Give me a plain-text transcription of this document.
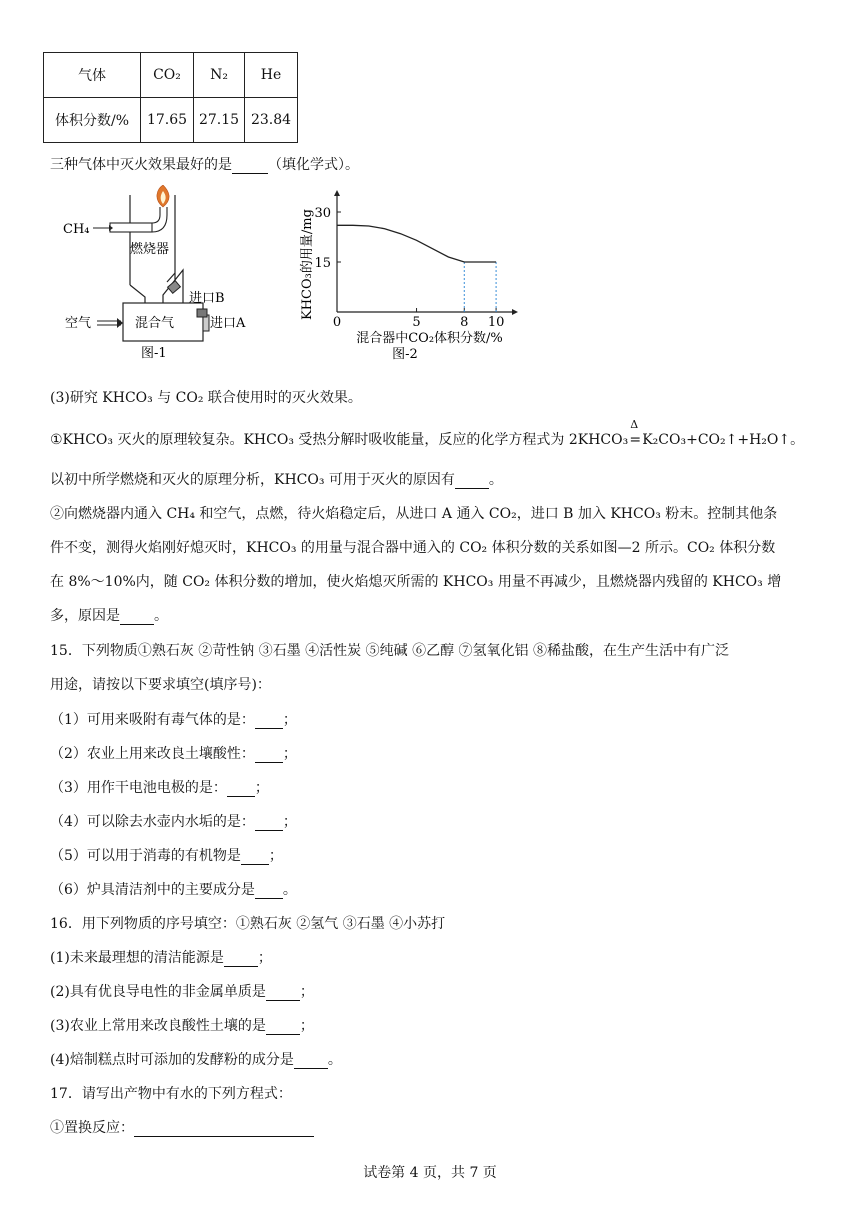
气体	CO₂	N₂	He
体积分数/%	17.65	27.15	23.84
三种气体中灭火效果最好的是	（填化学式）。
燃烧器
CH₄
进口B
空气	混合气	进口A
图-1
30
15
0	5	8 10
KHCO₃的用量/mg
混合器中CO₂体积分数/%
图-2
(3)研究 KHCO₃ 与 CO₂ 联合使用时的灭火效果。
①KHCO₃ 灭火的原理较复杂。KHCO₃ 受热分解时吸收能量，反应的化学方程式为 2KHCO₃
Δ
=K₂CO₃+CO₂↑+H₂O↑。
以初中所学燃烧和灭火的原理分析，KHCO₃ 可用于灭火的原因有 。
②向燃烧器内通入 CH₄ 和空气，点燃，待火焰稳定后，从进口 A 通入 CO₂，进口 B 加入 KHCO₃ 粉末。控制其他条
件不变，测得火焰刚好熄灭时，KHCO₃ 的用量与混合器中通入的 CO₂ 体积分数的关系如图—2 所示。CO₂ 体积分数
在 8%～10%内，随 CO₂ 体积分数的增加，使火焰熄灭所需的 KHCO₃ 用量不再减少，且燃烧器内残留的 KHCO₃ 增
多，原因是 。
15．下列物质①熟石灰 ②苛性钠 ③石墨 ④活性炭 ⑤纯碱 ⑥乙醇 ⑦氢氧化铝 ⑧稀盐酸，在生产生活中有广泛
用途，请按以下要求填空(填序号)：
（1）可用来吸附有毒气体的是： ；
（2）农业上用来改良土壤酸性： ；
（3）用作干电池电极的是： ；
（4）可以除去水壶内水垢的是： ；
（5）可以用于消毒的有机物是 ；
（6）炉具清洁剂中的主要成分是 。
16．用下列物质的序号填空：①熟石灰 ②氢气 ③石墨 ④小苏打
(1)未来最理想的清洁能源是 ；
(2)具有优良导电性的非金属单质是 ；
(3)农业上常用来改良酸性土壤的是 ；
(4)焙制糕点时可添加的发酵粉的成分是 。
17．请写出产物中有水的下列方程式：
①置换反应：
试卷第 4 页，共 7 页
